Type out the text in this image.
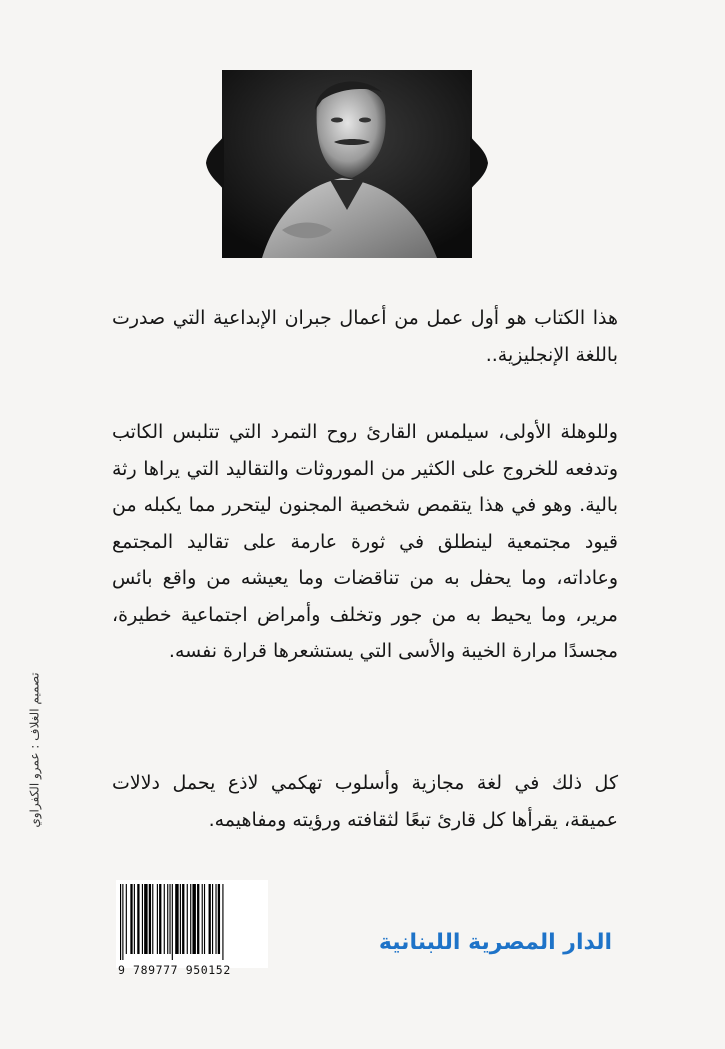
هذا الكتاب هو أول عمل من أعمال جبران الإبداعية التي صدرت باللغة الإنجليزية..
وللوهلة الأولى، سيلمس القارئ روح التمرد التي تتلبس الكاتب وتدفعه للخروج على الكثير من الموروثات والتقاليد التي يراها رثة بالية. وهو في هذا يتقمص شخصية المجنون ليتحرر مما يكبله من قيود مجتمعية لينطلق في ثورة عارمة على تقاليد المجتمع وعاداته، وما يحفل به من تناقضات وما يعيشه من واقع بائس مرير، وما يحيط به من جور وتخلف وأمراض اجتماعية خطيرة، مجسدًا مرارة الخيبة والأسى التي يستشعرها قرارة نفسه.
كل ذلك في لغة مجازية وأسلوب تهكمي لاذع يحمل دلالات عميقة، يقرأها كل قارئ تبعًا لثقافته ورؤيته ومفاهيمه.
تصميم الغلاف : عمرو الكفراوي
9 789777 950152
الدار المصرية اللبنانية
